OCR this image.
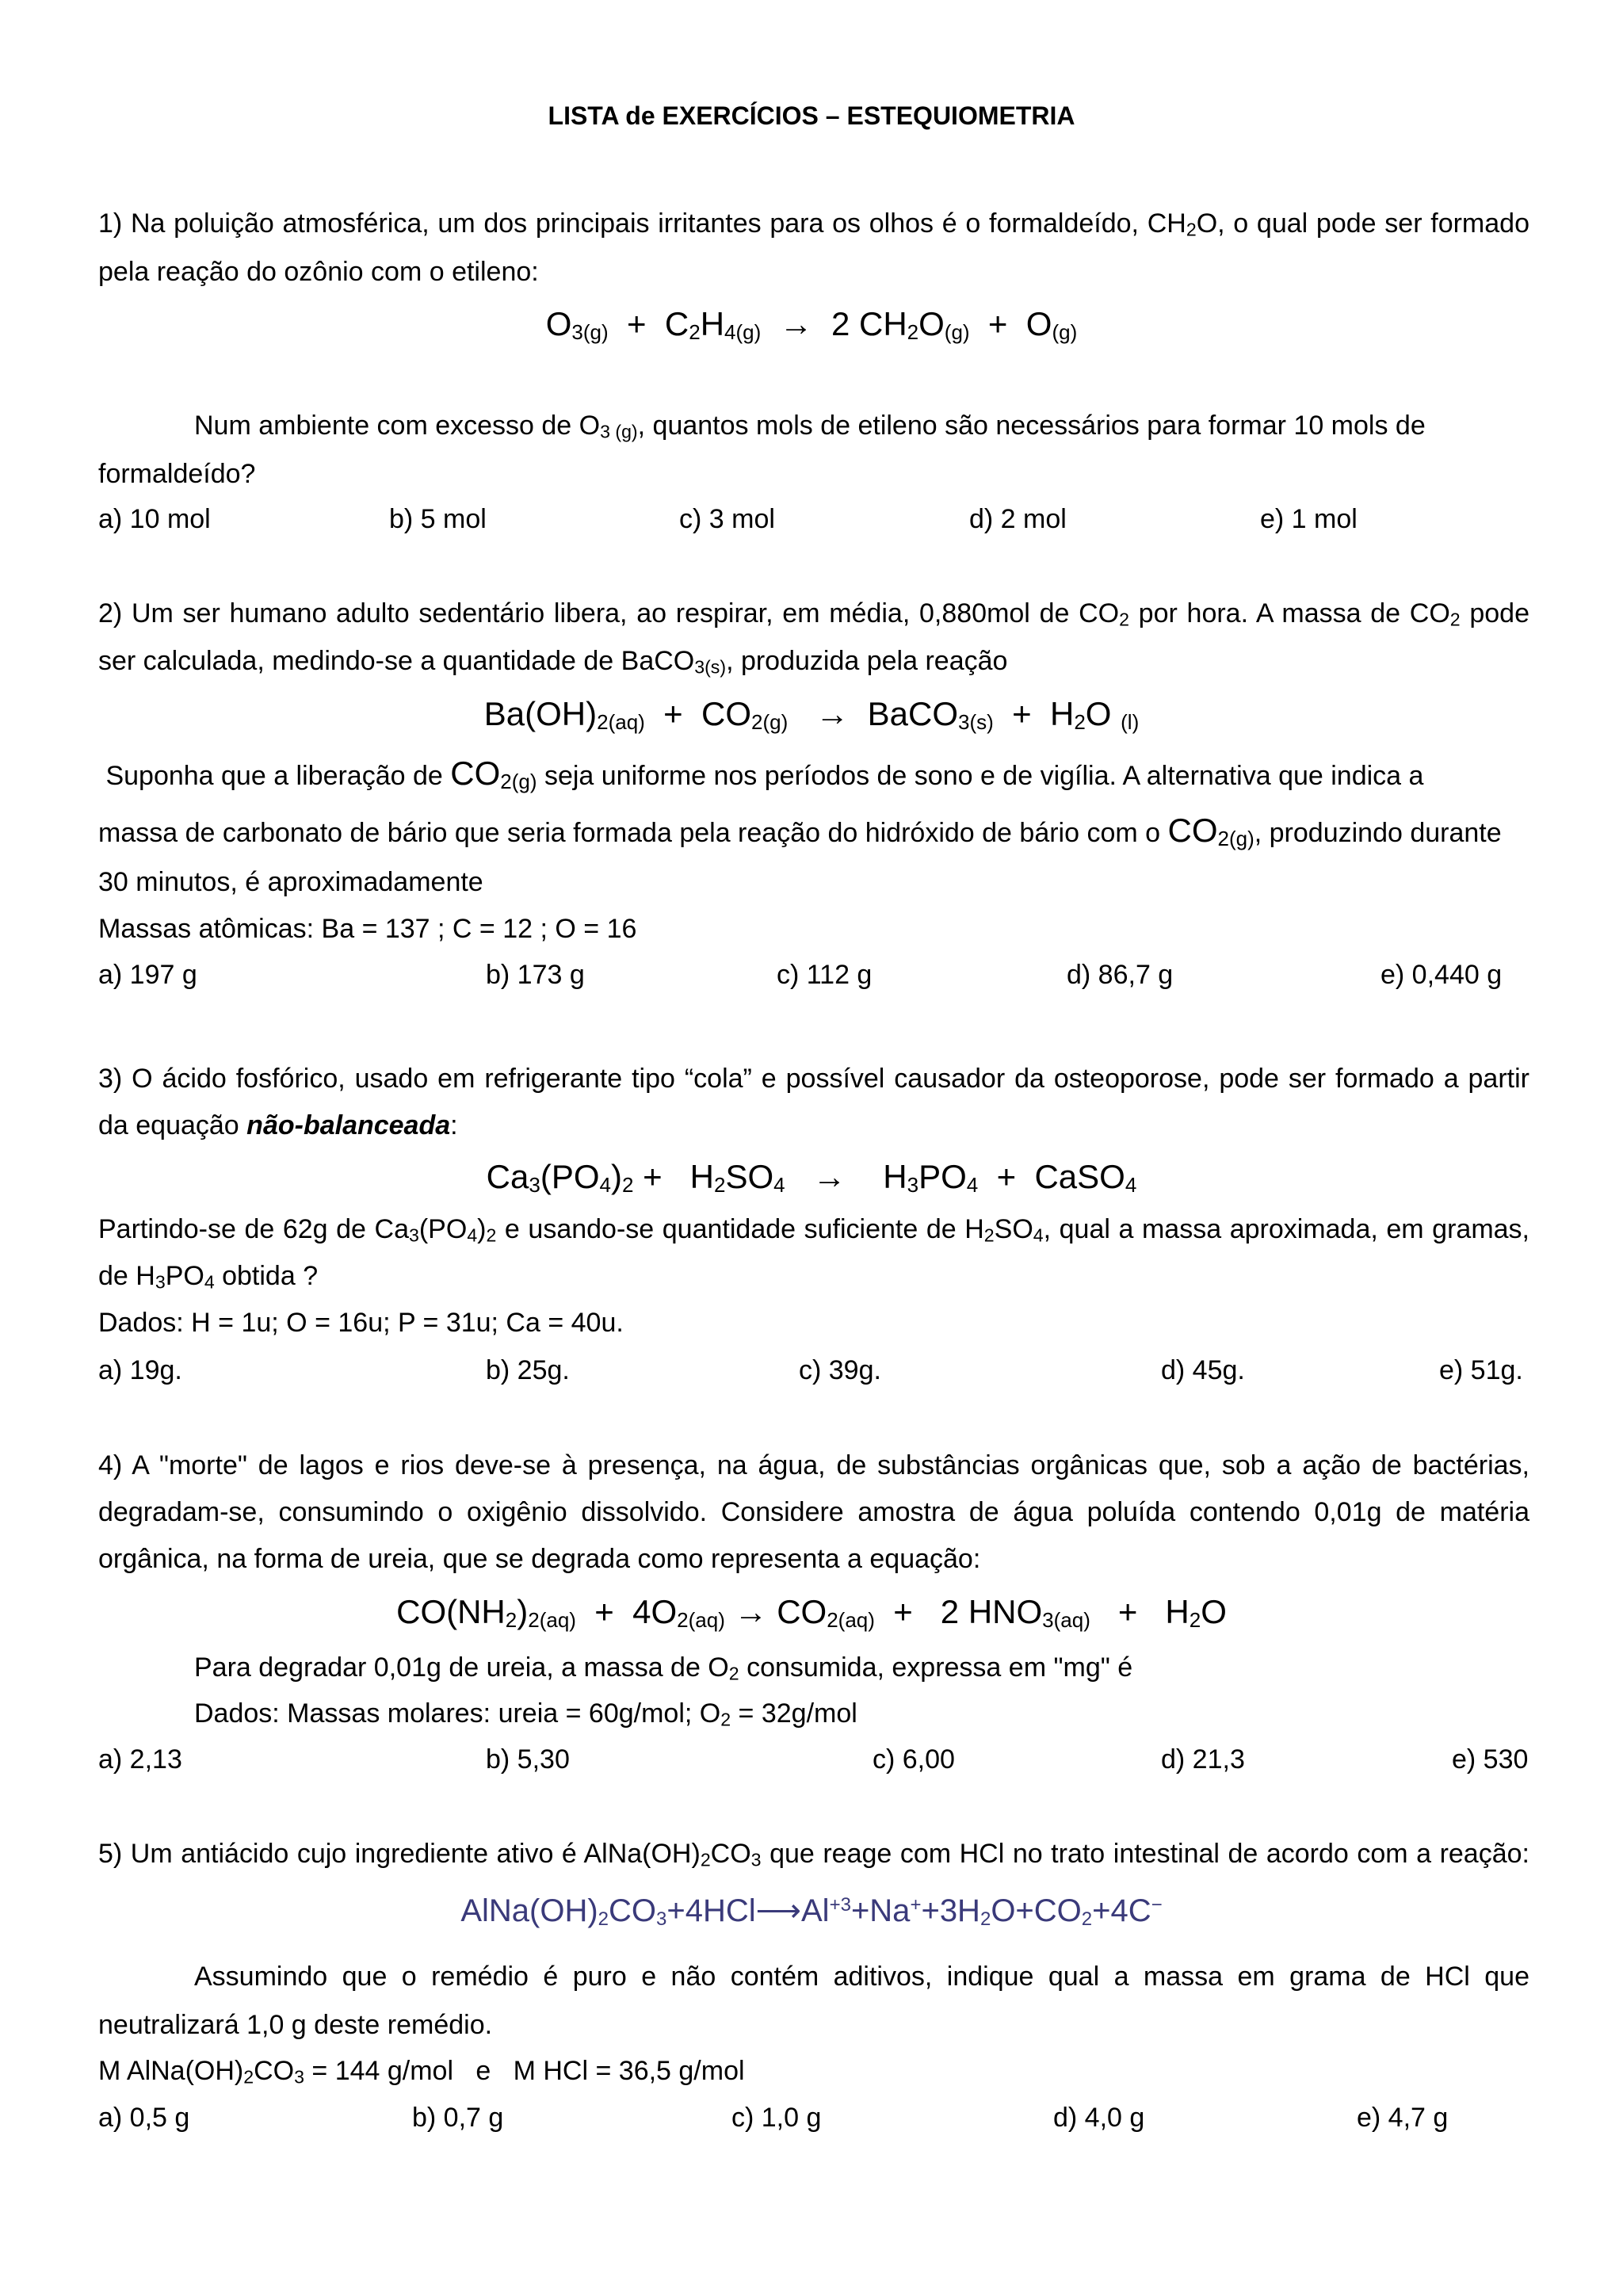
LISTA de EXERCÍCIOS – ESTEQUIOMETRIA
1) Na poluição atmosférica, um dos principais irritantes para os olhos é o formaldeído, $CH_2O$, o qual pode ser formado
pela reação do ozônio com o etileno:
$O_{3(g)} + C_2H_{4(g)} \to 2$ $CH_2O_{(g)} + O_{(g)}$
Num ambiente com excesso de $O_{3 (g)}$, quantos mols de etileno são necessários para formar 10 mols de
formaldeído?
a) 10 mol	b) 5 mol	c) 3 mol	d) 2 mol	e) 1 mol
2) Um ser humano adulto sedentário libera, ao respirar, em média, 0,880mol de $CO_2$ por hora. A massa de $CO_2$ pode
ser calculada, medindo-se a quantidade de BaCO$_{3(s)}$, produzida pela reação
$Ba(OH)_{2(aq)} + CO_{2(g)}$   →  BaCO$_{3(s)}$  +  $H_2O$ $_{(l)}$
Suponha que a liberação de $CO_{2(g)}$ seja uniforme nos períodos de sono e de vigília. A alternativa que indica a
massa de carbonato de bário que seria formada pela reação do hidróxido de bário com o $CO_{2(g)}$, produzindo durante
30 minutos, é aproximadamente
Massas atômicas: Ba = 137 ; C = 12 ; O = 16
a) 197 g	b) 173 g	c) 112 g	d) 86,7 g	e) 0,440 g
3) O ácido fosfórico, usado em refrigerante tipo “cola” e possível causador da osteoporose, pode ser formado a partir
da equação não-balanceada:
$Ca_3(PO_4)_2 + H_2SO_4$   →    $H_3PO_4$  +  CaSO$_4$
Partindo-se de 62g de $Ca_3(PO_4)_2$ e usando-se quantidade suficiente de $H_2SO_4$, qual a massa aproximada, em gramas,
de $H_3PO_4$ obtida ?
Dados: H = 1u; O = 16u; P = 31u; Ca = 40u.
a) 19g.	b) 25g.	c) 39g.	d) 45g.	e) 51g.
4) A "morte" de lagos e rios deve-se à presença, na água, de substâncias orgânicas que, sob a ação de bactérias,
degradam-se, consumindo o oxigênio dissolvido. Considere amostra de água poluída contendo 0,01g de matéria
orgânica, na forma de ureia, que se degrada como representa a equação:
$CO(NH_2)_{2(aq)} + 4O_{2(aq)} \to CO_{2(aq)} + 2$ $HNO_{3(aq)} + H_2O$
Para degradar 0,01g de ureia, a massa de $O_2$ consumida, expressa em "mg" é
Dados: Massas molares: ureia = 60g/mol; $O_2 = 32g/mol$
a) 2,13	b) 5,30	c) 6,00	d) 21,3	e) 530
5) Um antiácido cujo ingrediente ativo é $AlNa(OH)_2CO_3$ que reage com HCl no trato intestinal de acordo com a reação:
$AlNa(OH)_2CO_3+4HCl⟶Al^{+3}+Na^++3H_2O+CO_2+4C^-$
Assumindo que o remédio é puro e não contém aditivos, indique qual a massa em grama de HCl que
neutralizará 1,0 g deste remédio.
M $AlNa(OH)_2CO_3 = 144$ g/mol   e   M HCl = 36,5 g/mol
a) 0,5 g	b) 0,7 g	c) 1,0 g	d) 4,0 g	e) 4,7 g
